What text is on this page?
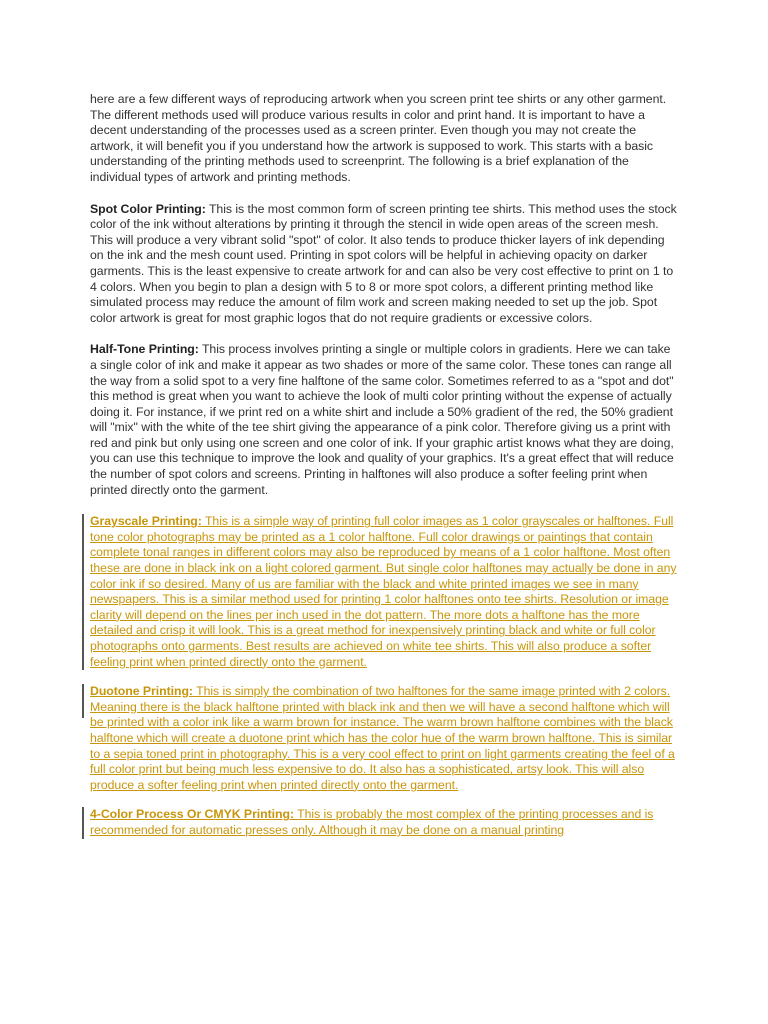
here are a few different ways of reproducing artwork when you screen print tee shirts or any other garment. The different methods used will produce various results in color and print hand. It is important to have a decent understanding of the processes used as a screen printer. Even though you may not create the artwork, it will benefit you if you understand how the artwork is supposed to work. This starts with a basic understanding of the printing methods used to screenprint. The following is a brief explanation of the individual types of artwork and printing methods.

Spot Color Printing: This is the most common form of screen printing tee shirts. This method uses the stock color of the ink without alterations by printing it through the stencil in wide open areas of the screen mesh. This will produce a very vibrant solid "spot" of color. It also tends to produce thicker layers of ink depending on the ink and the mesh count used. Printing in spot colors will be helpful in achieving opacity on darker garments. This is the least expensive to create artwork for and can also be very cost effective to print on 1 to 4 colors. When you begin to plan a design with 5 to 8 or more spot colors, a different printing method like simulated process may reduce the amount of film work and screen making needed to set up the job. Spot color artwork is great for most graphic logos that do not require gradients or excessive colors.

Half-Tone Printing: This process involves printing a single or multiple colors in gradients. Here we can take a single color of ink and make it appear as two shades or more of the same color. These tones can range all the way from a solid spot to a very fine halftone of the same color. Sometimes referred to as a "spot and dot" this method is great when you want to achieve the look of multi color printing without the expense of actually doing it. For instance, if we print red on a white shirt and include a 50% gradient of the red, the 50% gradient will "mix" with the white of the tee shirt giving the appearance of a pink color. Therefore giving us a print with red and pink but only using one screen and one color of ink. If your graphic artist knows what they are doing, you can use this technique to improve the look and quality of your graphics. It's a great effect that will reduce the number of spot colors and screens. Printing in halftones will also produce a softer feeling print when printed directly onto the garment.

Grayscale Printing: This is a simple way of printing full color images as 1 color grayscales or halftones. Full tone color photographs may be printed as a 1 color halftone. Full color drawings or paintings that contain complete tonal ranges in different colors may also be reproduced by means of a 1 color halftone. Most often these are done in black ink on a light colored garment. But single color halftones may actually be done in any color ink if so desired. Many of us are familiar with the black and white printed images we see in many newspapers. This is a similar method used for printing 1 color halftones onto tee shirts. Resolution or image clarity will depend on the lines per inch used in the dot pattern. The more dots a halftone has the more detailed and crisp it will look. This is a great method for inexpensively printing black and white or full color photographs onto garments. Best results are achieved on white tee shirts. This will also produce a softer feeling print when printed directly onto the garment.
Duotone Printing: This is simply the combination of two halftones for the same image printed with 2 colors. Meaning there is the black halftone printed with black ink and then we will have a second halftone which will be printed with a color ink like a warm brown for instance. The warm brown halftone combines with the black halftone which will create a duotone print which has the color hue of the warm brown halftone. This is similar to a sepia toned print in photography. This is a very cool effect to print on light garments creating the feel of a full color print but being much less expensive to do. It also has a sophisticated, artsy look. This will also produce a softer feeling print when printed directly onto the garment.
4-Color Process Or CMYK Printing: This is probably the most complex of the printing processes and is recommended for automatic presses only. Although it may be done on a manual printing
